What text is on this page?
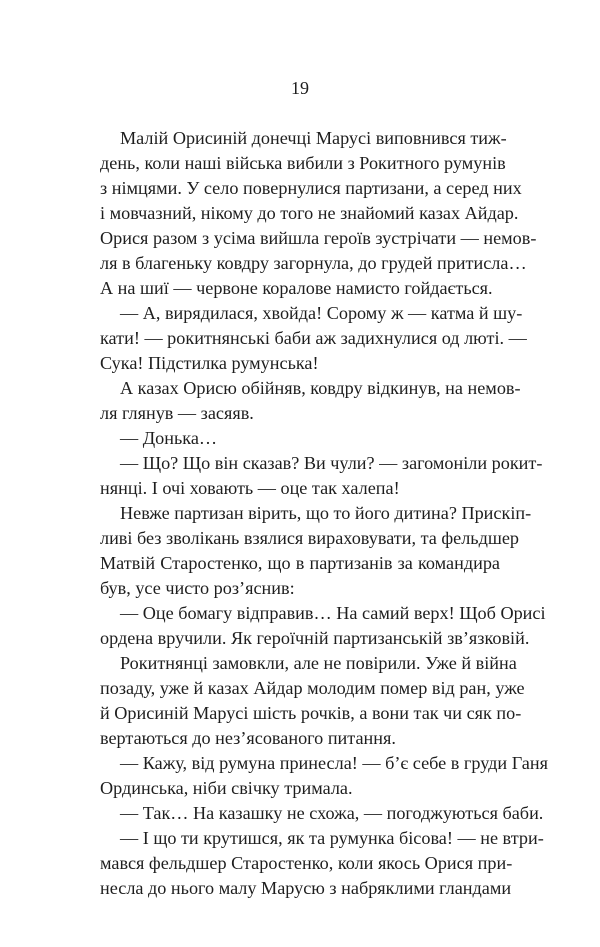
19
Малій Орисиній донечці Марусі виповнився тиж-
день, коли наші війська вибили з Рокитного румунів
з німцями. У село повернулися партизани, а серед них
і мовчазний, нікому до того не знайомий казах Айдар.
Орися разом з усіма вийшла героїв зустрічати — немов-
ля в благеньку ковдру загорнула, до грудей притисла…
А на шиї — червоне коралове намисто гойдається.
— А, вирядилася, хвойда! Сорому ж — катма й шу-
кати! — рокитнянські баби аж задихнулися од люті. —
Сука! Підстилка румунська!
А казах Орисю обійняв, ковдру відкинув, на немов-
ля глянув — засяяв.
— Донька…
— Що? Що він сказав? Ви чули? — загомоніли рокит-
нянці. І очі ховають — оце так халепа!
Невже партизан вірить, що то його дитина? Прискіп-
ливі без зволікань взялися вираховувати, та фельдшер
Матвій Старостенко, що в партизанів за командира
був, усе чисто роз’яснив:
— Оце бомагу відправив… На самий верх! Щоб Орисі
ордена вручили. Як героїчній партизанській зв’язковій.
Рокитнянці замовкли, але не повірили. Уже й війна
позаду, уже й казах Айдар молодим помер від ран, уже
й Орисиній Марусі шість рочків, а вони так чи сяк по-
вертаються до нез’ясованого питання.
— Кажу, від румуна принесла! — б’є себе в груди Ганя
Ординська, ніби свічку тримала.
— Так… На казашку не схожа, — погоджуються баби.
— І що ти крутишся, як та румунка бісова! — не втри-
мався фельдшер Старостенко, коли якось Орися при-
несла до нього малу Марусю з набряклими гландами
